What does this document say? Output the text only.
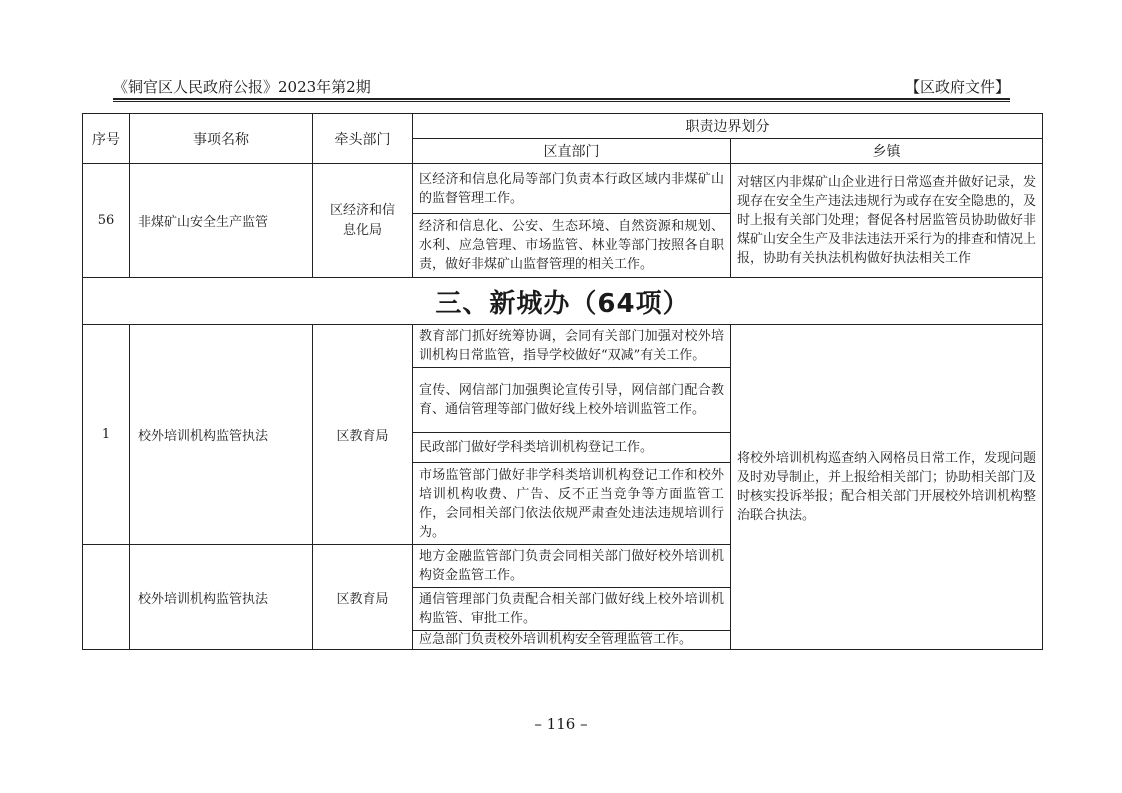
《铜官区人民政府公报》2023年第2期	【区政府文件】
序号	事项名称	牵头部门	职责边界划分	
			区直部门	乡镇
56	非煤矿山安全生产监管	区经济和信息化局	区经济和信息化局等部门负责本行政区域内非煤矿山的监督管理工作。	对辖区内非煤矿山企业进行日常巡查并做好记录，发现存在安全生产违法违规行为或存在安全隐患的，及时上报有关部门处理；督促各村居监管员协助做好非煤矿山安全生产及非法违法开采行为的排查和情况上报，协助有关执法机构做好执法相关工作
			经济和信息化、公安、生态环境、自然资源和规划、水利、应急管理、市场监管、林业等部门按照各自职责，做好非煤矿山监督管理的相关工作。	
三、新城办（64项）				
1	校外培训机构监管执法	区教育局	教育部门抓好统筹协调，会同有关部门加强对校外培训机构日常监管，指导学校做好“双减”有关工作。	将校外培训机构巡查纳入网格员日常工作，发现问题及时劝导制止，并上报给相关部门；协助相关部门及时核实投诉举报；配合相关部门开展校外培训机构整治联合执法。
			宣传、网信部门加强舆论宣传引导，网信部门配合教育、通信管理等部门做好线上校外培训监管工作。	
			民政部门做好学科类培训机构登记工作。	
			市场监管部门做好非学科类培训机构登记工作和校外培训机构收费、广告、反不正当竞争等方面监管工作，会同相关部门依法依规严肃查处违法违规培训行为。	
	校外培训机构监管执法	区教育局	地方金融监管部门负责会同相关部门做好校外培训机构资金监管工作。	
			通信管理部门负责配合相关部门做好线上校外培训机构监管、审批工作。	
			应急部门负责校外培训机构安全管理监管工作。	
– 116 –
